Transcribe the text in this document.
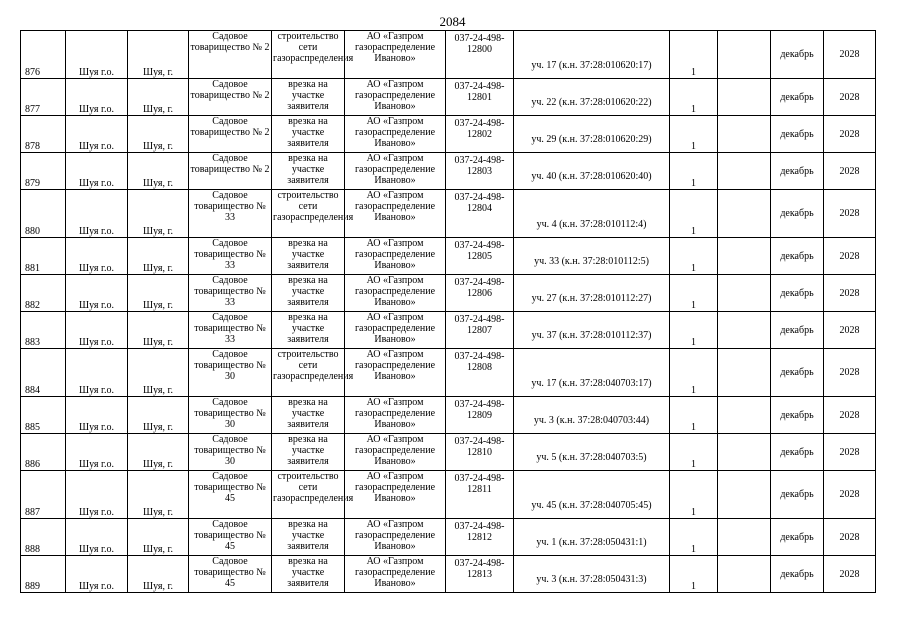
2084
876	Шуя г.о.	Шуя, г.	Садовое товарищество № 2	строительство сети газораспределения	АО «Газпром газораспределение Иваново»	037-24-498-12800	уч. 17 (к.н. 37:28:010620:17)	1		декабрь	2028
877	Шуя г.о.	Шуя, г.	Садовое товарищество № 2	врезка на участке заявителя	АО «Газпром газораспределение Иваново»	037-24-498-12801	уч. 22 (к.н. 37:28:010620:22)	1		декабрь	2028
878	Шуя г.о.	Шуя, г.	Садовое товарищество № 2	врезка на участке заявителя	АО «Газпром газораспределение Иваново»	037-24-498-12802	уч. 29 (к.н. 37:28:010620:29)	1		декабрь	2028
879	Шуя г.о.	Шуя, г.	Садовое товарищество № 2	врезка на участке заявителя	АО «Газпром газораспределение Иваново»	037-24-498-12803	уч. 40 (к.н. 37:28:010620:40)	1		декабрь	2028
880	Шуя г.о.	Шуя, г.	Садовое товарищество № 33	строительство сети газораспределения	АО «Газпром газораспределение Иваново»	037-24-498-12804	уч. 4 (к.н. 37:28:010112:4)	1		декабрь	2028
881	Шуя г.о.	Шуя, г.	Садовое товарищество № 33	врезка на участке заявителя	АО «Газпром газораспределение Иваново»	037-24-498-12805	уч. 33 (к.н. 37:28:010112:5)	1		декабрь	2028
882	Шуя г.о.	Шуя, г.	Садовое товарищество № 33	врезка на участке заявителя	АО «Газпром газораспределение Иваново»	037-24-498-12806	уч. 27 (к.н. 37:28:010112:27)	1		декабрь	2028
883	Шуя г.о.	Шуя, г.	Садовое товарищество № 33	врезка на участке заявителя	АО «Газпром газораспределение Иваново»	037-24-498-12807	уч. 37 (к.н. 37:28:010112:37)	1		декабрь	2028
884	Шуя г.о.	Шуя, г.	Садовое товарищество № 30	строительство сети газораспределения	АО «Газпром газораспределение Иваново»	037-24-498-12808	уч. 17 (к.н. 37:28:040703:17)	1		декабрь	2028
885	Шуя г.о.	Шуя, г.	Садовое товарищество № 30	врезка на участке заявителя	АО «Газпром газораспределение Иваново»	037-24-498-12809	уч. 3 (к.н. 37:28:040703:44)	1		декабрь	2028
886	Шуя г.о.	Шуя, г.	Садовое товарищество № 30	врезка на участке заявителя	АО «Газпром газораспределение Иваново»	037-24-498-12810	уч. 5 (к.н. 37:28:040703:5)	1		декабрь	2028
887	Шуя г.о.	Шуя, г.	Садовое товарищество № 45	строительство сети газораспределения	АО «Газпром газораспределение Иваново»	037-24-498-12811	уч. 45 (к.н. 37:28:040705:45)	1		декабрь	2028
888	Шуя г.о.	Шуя, г.	Садовое товарищество № 45	врезка на участке заявителя	АО «Газпром газораспределение Иваново»	037-24-498-12812	уч. 1 (к.н. 37:28:050431:1)	1		декабрь	2028
889	Шуя г.о.	Шуя, г.	Садовое товарищество № 45	врезка на участке заявителя	АО «Газпром газораспределение Иваново»	037-24-498-12813	уч. 3 (к.н. 37:28:050431:3)	1		декабрь	2028
